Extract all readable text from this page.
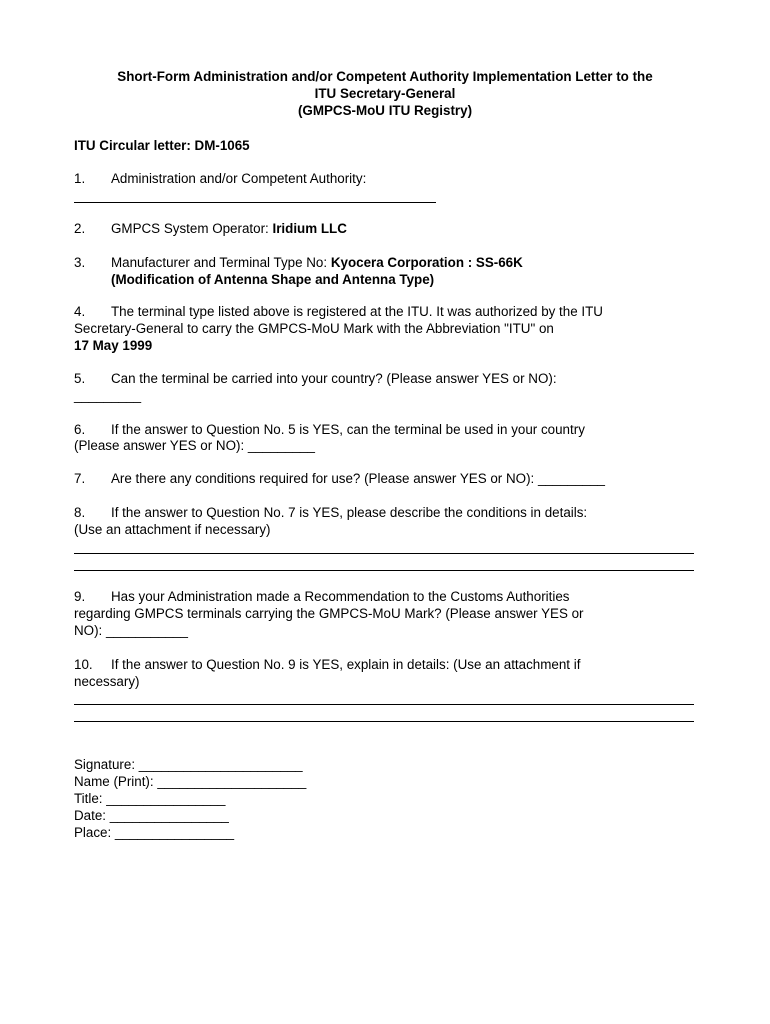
Short-Form Administration and/or Competent Authority Implementation Letter to the
ITU Secretary-General
(GMPCS-MoU ITU Registry)
ITU Circular letter: DM-1065
1. Administration and/or Competent Authority:
2. GMPCS System Operator: Iridium LLC
3. Manufacturer and Terminal Type No: Kyocera Corporation : SS-66K
(Modification of Antenna Shape and Antenna Type)
4. The terminal type listed above is registered at the ITU. It was authorized by the ITU
Secretary-General to carry the GMPCS-MoU Mark with the Abbreviation "ITU" on
17 May 1999
5. Can the terminal be carried into your country? (Please answer YES or NO):
_________
6. If the answer to Question No. 5 is YES, can the terminal be used in your country
(Please answer YES or NO): _________
7. Are there any conditions required for use? (Please answer YES or NO): _________
8. If the answer to Question No. 7 is YES, please describe the conditions in details:
(Use an attachment if necessary)
9. Has your Administration made a Recommendation to the Customs Authorities
regarding GMPCS terminals carrying the GMPCS-MoU Mark? (Please answer YES or
NO): ___________
10. If the answer to Question No. 9 is YES, explain in details: (Use an attachment if
necessary)
Signature: ______________________
Name (Print): ____________________
Title: ________________
Date: ________________
Place: ________________
